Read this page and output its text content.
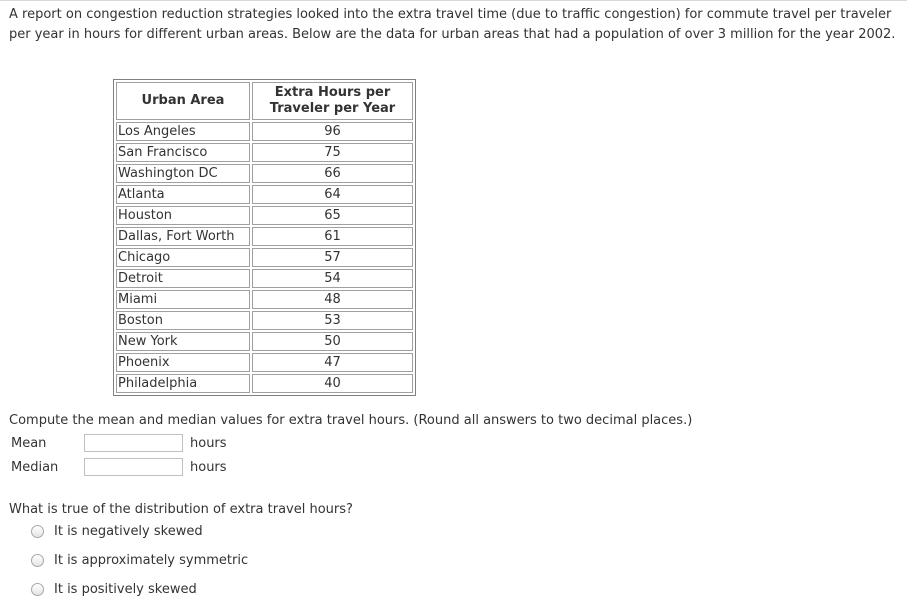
A report on congestion reduction strategies looked into the extra travel time (due to traffic congestion) for commute travel per traveler per year in hours for different urban areas. Below are the data for urban areas that had a population of over 3 million for the year 2002.

Urban Area	Extra Hours per Traveler per Year
Los Angeles	96
San Francisco	75
Washington DC	66
Atlanta	64
Houston	65
Dallas, Fort Worth	61
Chicago	57
Detroit	54
Miami	48
Boston	53
New York	50
Phoenix	47
Philadelphia	40

Compute the mean and median values for extra travel hours. (Round all answers to two decimal places.)

Mean	hours
Median	hours

What is true of the distribution of extra travel hours?

It is negatively skewed
It is approximately symmetric
It is positively skewed
